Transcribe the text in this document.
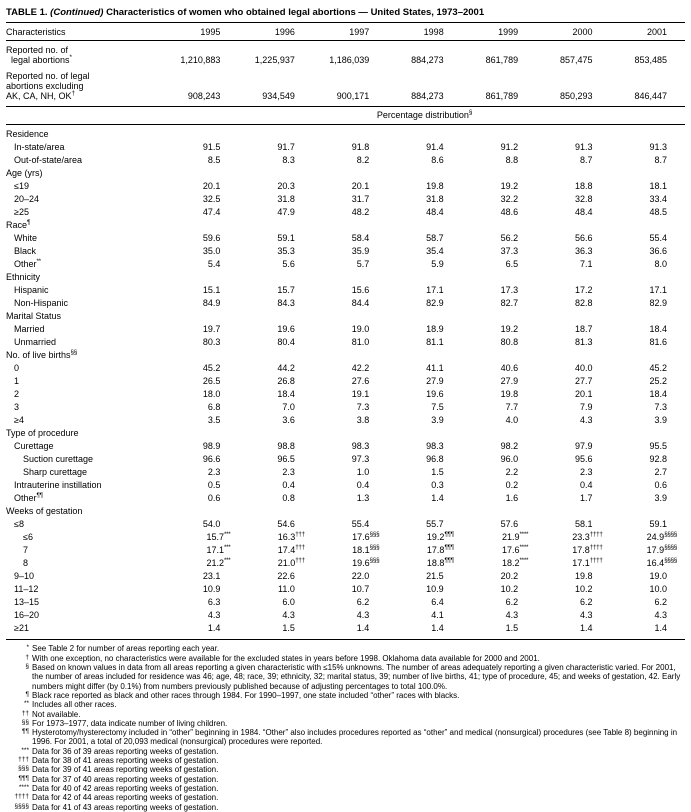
TABLE 1. (Continued) Characteristics of women who obtained legal abortions — United States, 1973–2001
Characteristics	1995	1996	1997	1998	1999	2000	2001
Reported no. of
legal abortions*	1,210,883	1,225,937	1,186,039	884,273	861,789	857,475	853,485
Reported no. of legal
abortions excluding
AK, CA, NH, OK†	908,243	934,549	900,171	884,273	861,789	850,293	846,447
Percentage distribution§
Residence
In-state/area	91.5	91.7	91.8	91.4	91.2	91.3	91.3
Out-of-state/area	8.5	8.3	8.2	8.6	8.8	8.7	8.7
Age (yrs)
≤19	20.1	20.3	20.1	19.8	19.2	18.8	18.1
20–24	32.5	31.8	31.7	31.8	32.2	32.8	33.4
≥25	47.4	47.9	48.2	48.4	48.6	48.4	48.5
Race¶
White	59.6	59.1	58.4	58.7	56.2	56.6	55.4
Black	35.0	35.3	35.9	35.4	37.3	36.3	36.6
Other**	5.4	5.6	5.7	5.9	6.5	7.1	8.0
Ethnicity
Hispanic	15.1	15.7	15.6	17.1	17.3	17.2	17.1
Non-Hispanic	84.9	84.3	84.4	82.9	82.7	82.8	82.9
Marital Status
Married	19.7	19.6	19.0	18.9	19.2	18.7	18.4
Unmarried	80.3	80.4	81.0	81.1	80.8	81.3	81.6
No. of live births§§
0	45.2	44.2	42.2	41.1	40.6	40.0	45.2
1	26.5	26.8	27.6	27.9	27.9	27.7	25.2
2	18.0	18.4	19.1	19.6	19.8	20.1	18.4
3	6.8	7.0	7.3	7.5	7.7	7.9	7.3
≥4	3.5	3.6	3.8	3.9	4.0	4.3	3.9
Type of procedure
Curettage	98.9	98.8	98.3	98.3	98.2	97.9	95.5
Suction curettage	96.6	96.5	97.3	96.8	96.0	95.6	92.8
Sharp curettage	2.3	2.3	1.0	1.5	2.2	2.3	2.7
Intrauterine instillation	0.5	0.4	0.4	0.3	0.2	0.4	0.6
Other¶¶	0.6	0.8	1.3	1.4	1.6	1.7	3.9
Weeks of gestation
≤8	54.0	54.6	55.4	55.7	57.6	58.1	59.1
≤6	15.7***	16.3†††	17.6§§§	19.2¶¶¶	21.9****	23.3††††	24.9§§§§
7	17.1***	17.4†††	18.1§§§	17.8¶¶¶	17.6****	17.8††††	17.9§§§§
8	21.2***	21.0†††	19.6§§§	18.8¶¶¶	18.2****	17.1††††	16.4§§§§
9–10	23.1	22.6	22.0	21.5	20.2	19.8	19.0
11–12	10.9	11.0	10.7	10.9	10.2	10.2	10.0
13–15	6.3	6.0	6.2	6.4	6.2	6.2	6.2
16–20	4.3	4.3	4.3	4.1	4.3	4.3	4.3
≥21	1.4	1.5	1.4	1.4	1.5	1.4	1.4
* See Table 2 for number of areas reporting each year.
† With one exception, no characteristics were available for the excluded states in years before 1998. Oklahoma data available for 2000 and 2001.
§ Based on known values in data from all areas reporting a given characteristic with ≤15% unknowns. The number of areas adequately reporting a given characteristic varied. For 2001, the number of areas included for residence was 46; age, 48; race, 39; ethnicity, 32; marital status, 39; number of live births, 41; type of procedure, 45; and weeks of gestation, 42. Early numbers might differ (by 0.1%) from numbers previously published because of adjusting percentages to total 100.0%.
¶ Black race reported as black and other races through 1984. For 1990–1997, one state included “other” races with blacks.
** Includes all other races.
†† Not available.
§§ For 1973–1977, data indicate number of living children.
¶¶ Hysterotomy/hysterectomy included in “other” beginning in 1984. “Other” also includes procedures reported as “other” and medical (nonsurgical) procedures (see Table 8) beginning in 1996. For 2001, a total of 20,093 medical (nonsurgical) procedures were reported.
*** Data for 36 of 39 areas reporting weeks of gestation.
††† Data for 38 of 41 areas reporting weeks of gestation.
§§§ Data for 39 of 41 areas reporting weeks of gestation.
¶¶¶ Data for 37 of 40 areas reporting weeks of gestation.
**** Data for 40 of 42 areas reporting weeks of gestation.
†††† Data for 42 of 44 areas reporting weeks of gestation.
§§§§ Data for 41 of 43 areas reporting weeks of gestation.
